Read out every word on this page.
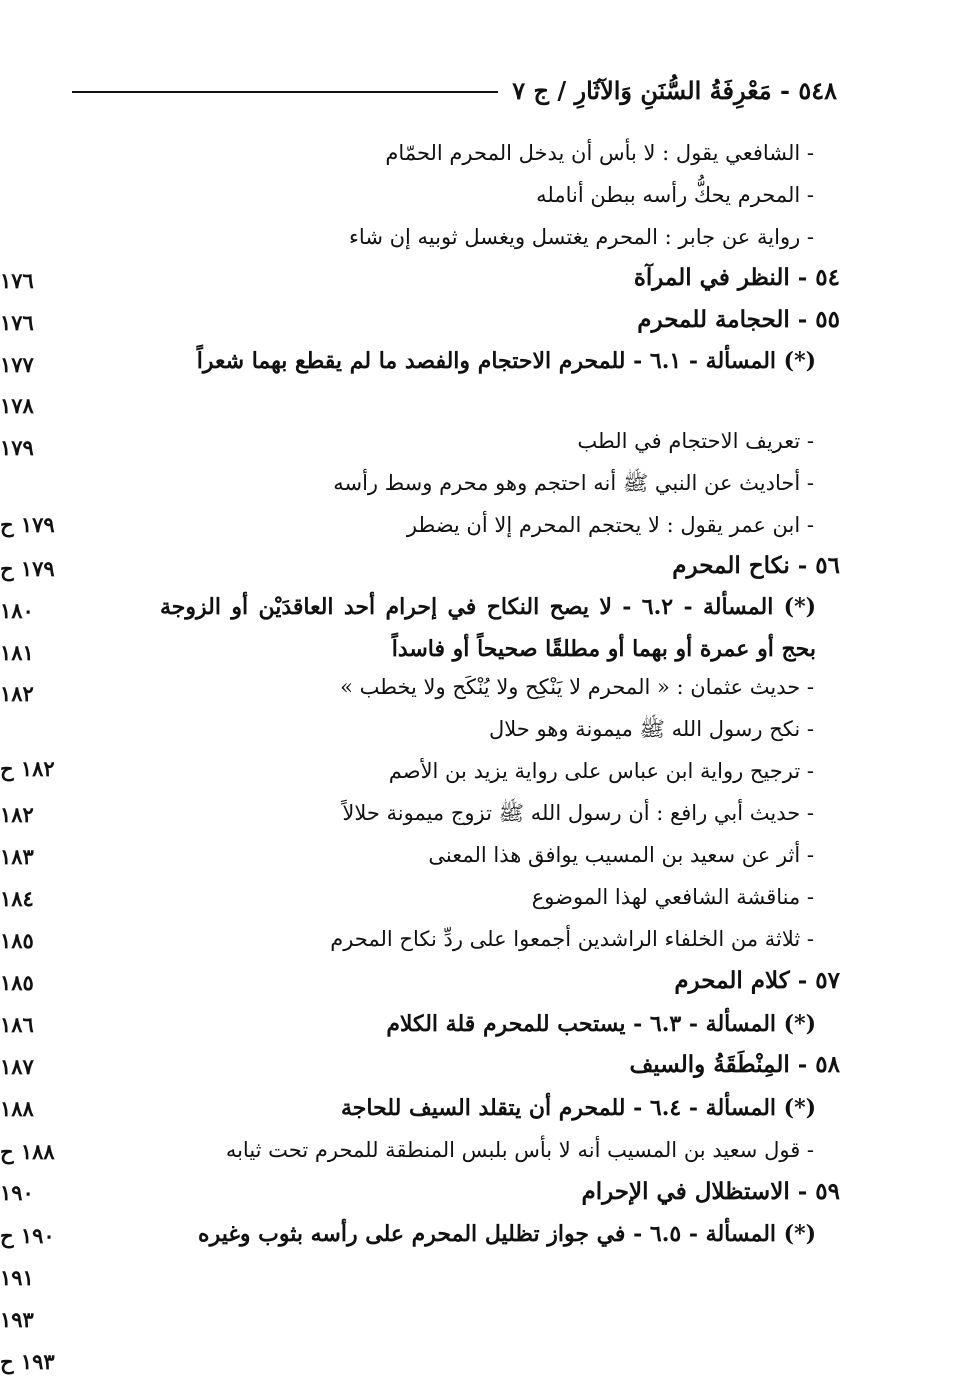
٥٤٨ - مَعْرِفَةُ السُّنَنِ وَالآثَارِ / ج ٧
- الشافعي يقول : لا بأس أن يدخل المحرم الحمّام
١٧٦
- المحرم يحكُّ رأسه ببطن أنامله
١٧٦
- رواية عن جابر : المحرم يغتسل ويغسل ثوبيه إن شاء
١٧٧
٥٤ - النظر في المرآة
١٧٨
٥٥ - الحجامة للمحرم
١٧٩
(*) المسألة - ٦.١ - للمحرم الاحتجام والفصد ما لم يقطع بهما شعراً
١٧٩ ح
- تعريف الاحتجام في الطب
١٧٩ ح
- أحاديث عن النبي ﷺ أنه احتجم وهو محرم وسط رأسه
١٨٠
- ابن عمر يقول : لا يحتجم المحرم إلا أن يضطر
١٨١
٥٦ - نكاح المحرم
١٨٢
(*) المسألة - ٦.٢ - لا يصح النكاح في إحرام أحد العاقدَيْن أو الزوجة بحج أو عمرة أو بهما أو مطلقًا صحيحاً أو فاسداً
١٨٢ ح
- حديث عثمان : « المحرم لا يَنْكِح ولا يُنْكَح ولا يخطب »
١٨٢
- نكح رسول الله ﷺ ميمونة وهو حلال
١٨٣
- ترجيح رواية ابن عباس على رواية يزيد بن الأصم
١٨٤
- حديث أبي رافع : أن رسول الله ﷺ تزوج ميمونة حلالاً
١٨٥
- أثر عن سعيد بن المسيب يوافق هذا المعنى
١٨٥
- مناقشة الشافعي لهذا الموضوع
١٨٦
- ثلاثة من الخلفاء الراشدين أجمعوا على ردِّ نكاح المحرم
١٨٧
٥٧ - كلام المحرم
١٨٨
(*) المسألة - ٦.٣ - يستحب للمحرم قلة الكلام
١٨٨ ح
٥٨ - المِنْطَقَةُ والسيف
١٩٠
(*) المسألة - ٦.٤ - للمحرم أن يتقلد السيف للحاجة
١٩٠ ح
- قول سعيد بن المسيب أنه لا بأس بلبس المنطقة للمحرم تحت ثيابه
١٩١
٥٩ - الاستظلال في الإحرام
١٩٣
(*) المسألة - ٦.٥ - في جواز تظليل المحرم على رأسه بثوب وغيره
١٩٣ ح
